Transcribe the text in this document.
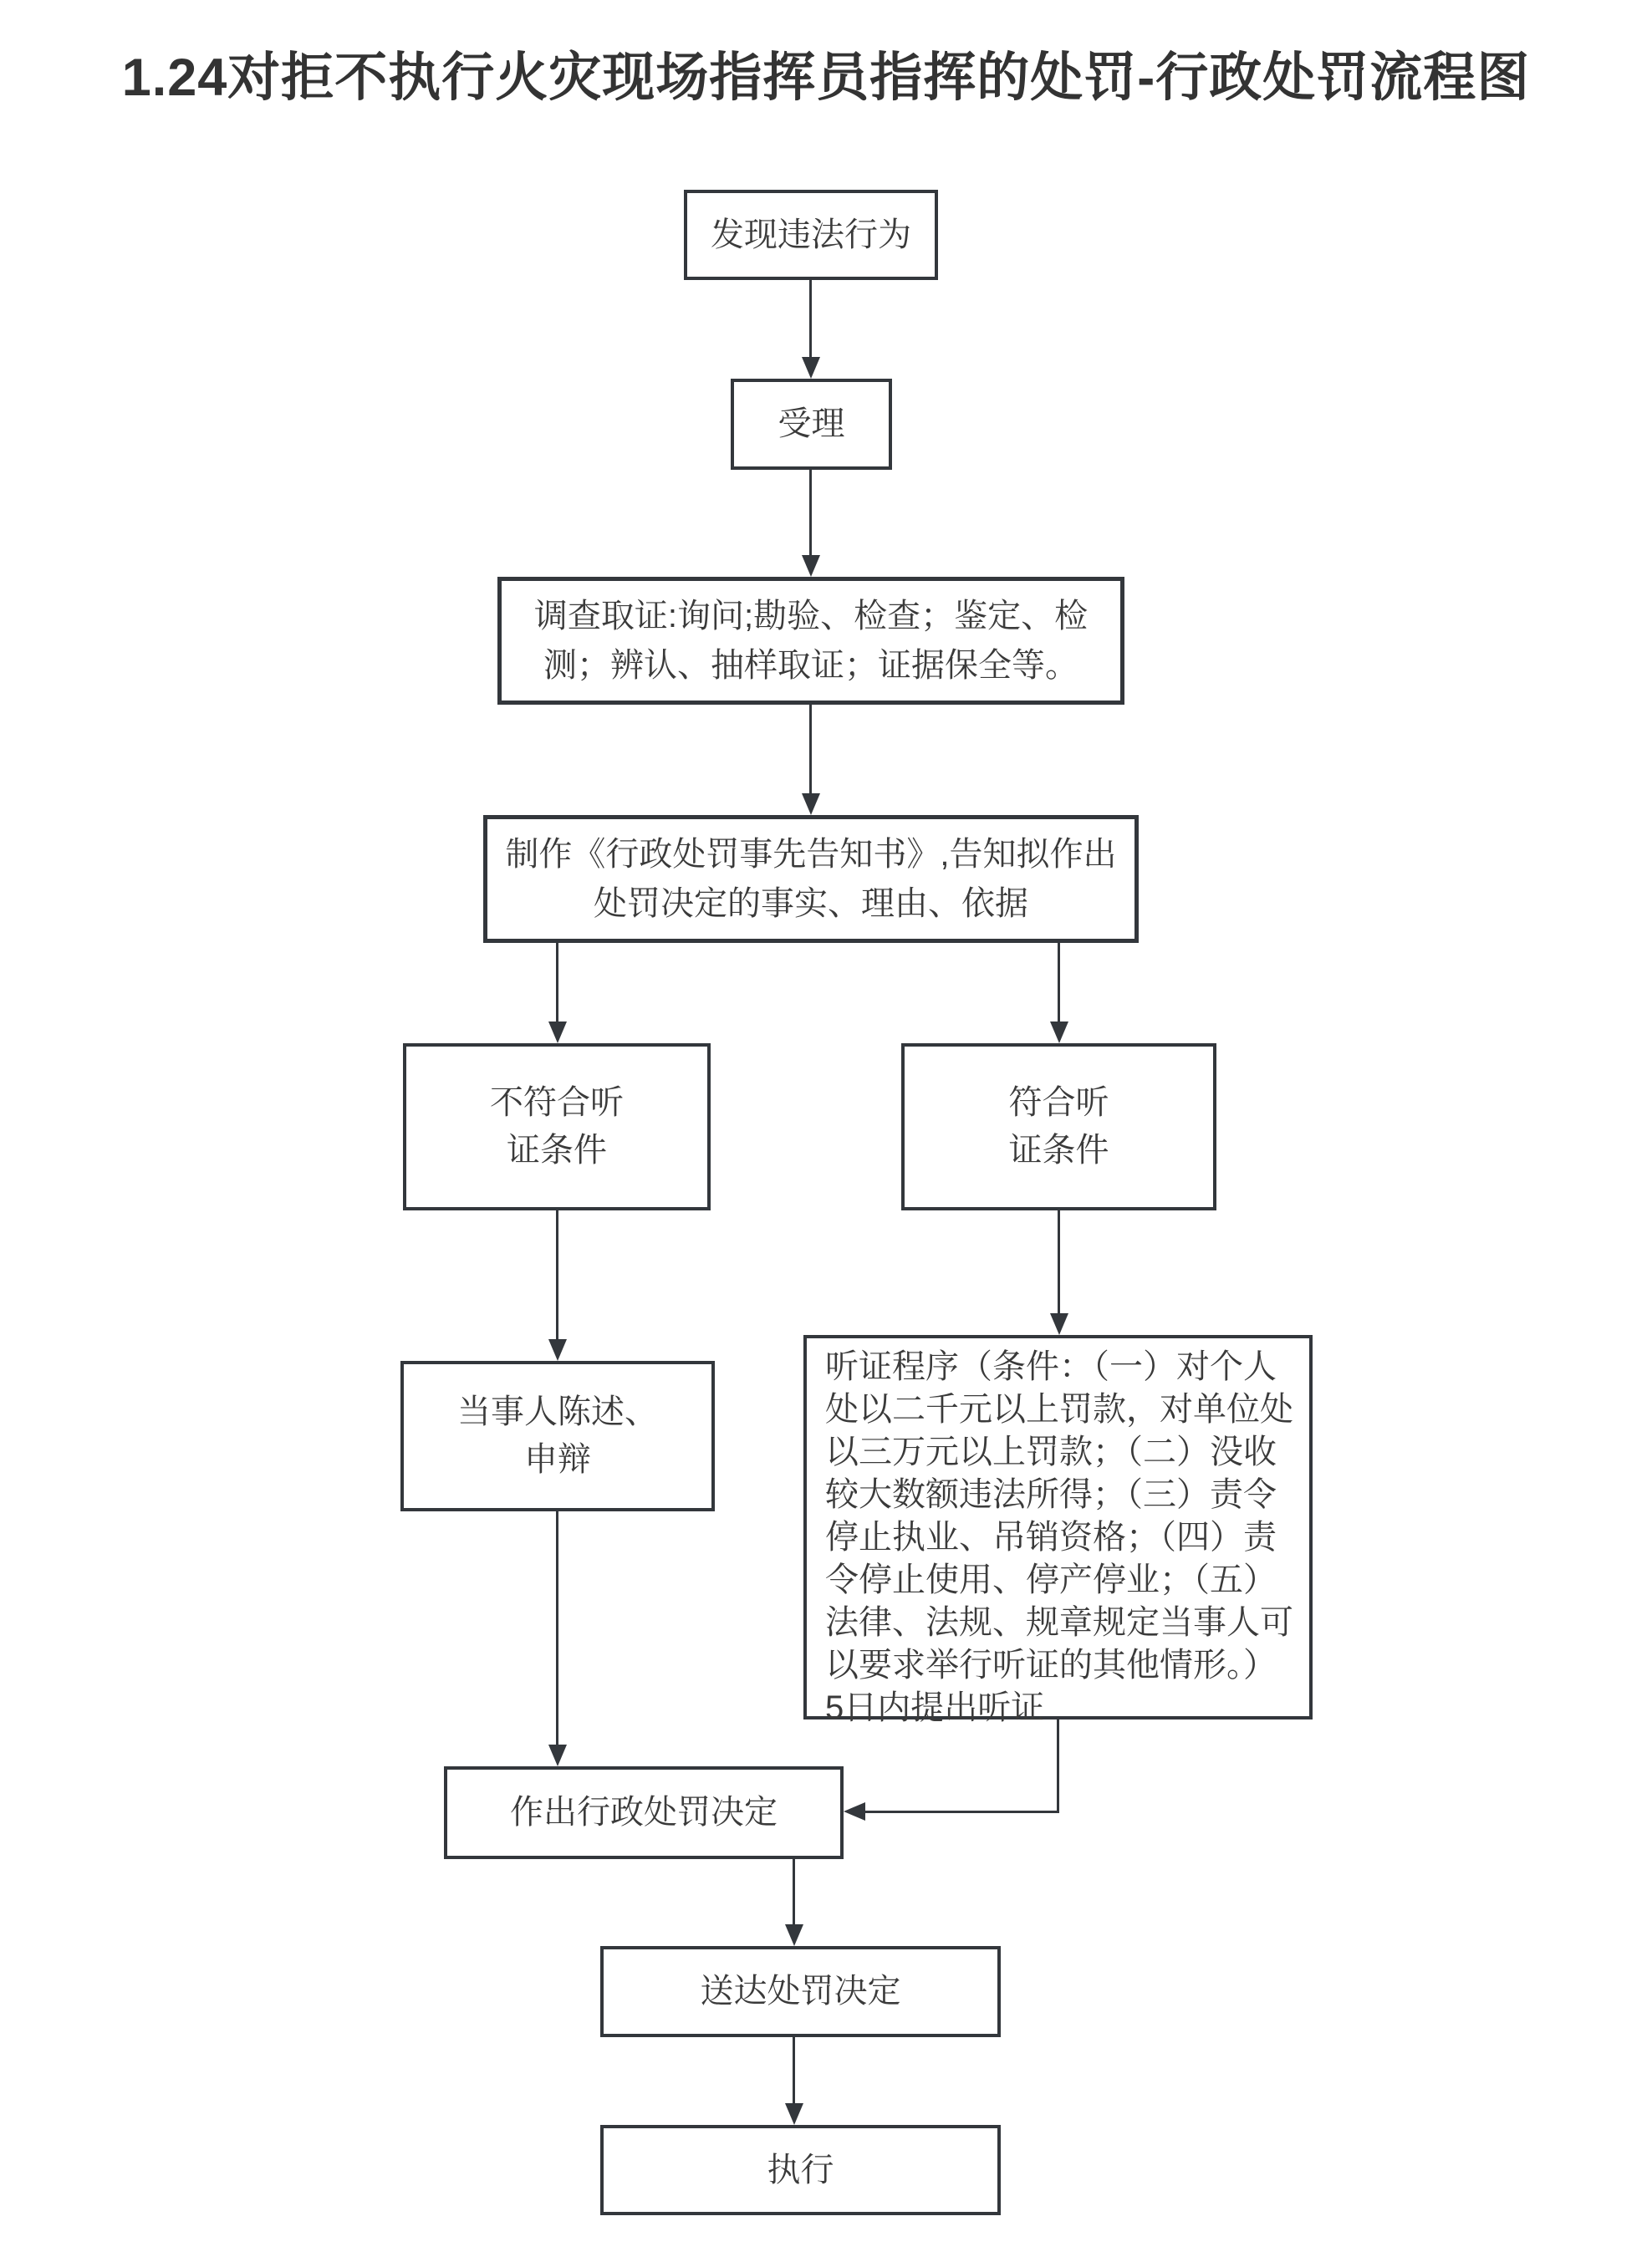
1.24对拒不执行火灾现场指挥员指挥的处罚-行政处罚流程图
发现违法行为
受理
调查取证:询问;勘验、检查；鉴定、检
测；辨认、抽样取证；证据保全等。
制作《行政处罚事先告知书》,告知拟作出
处罚决定的事实、理由、依据
不符合听
证条件
符合听
证条件
当事人陈述、
申辩
听证程序（条件：（一）对个人
处以二千元以上罚款，对单位处
以三万元以上罚款；（二）没收
较大数额违法所得；（三）责令
停止执业、吊销资格；（四）责
令停止使用、停产停业；（五）
法律、法规、规章规定当事人可
以要求举行听证的其他情形。）
5日内提出听证
作出行政处罚决定
送达处罚决定
执行
